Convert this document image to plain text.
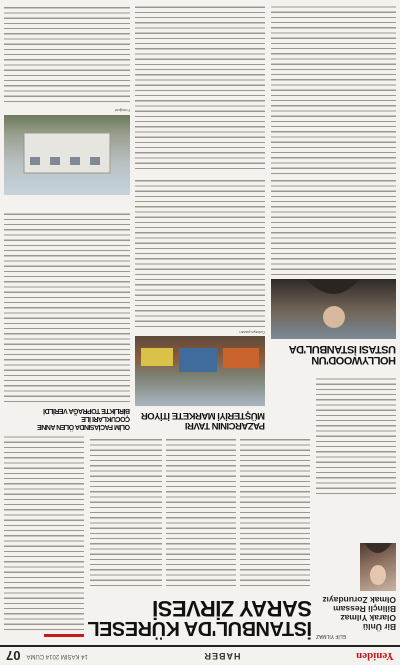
Yeniden
HABER
14 KASIM 2014 CUMA
07
İSTANBUL'DA KÜRESEL
SARAY ZİRVESİ
ELİF YILMAZ
Bir Ünlü
Olarak Yılmaz
Bilinçli Ressam
Olmak Zorundayız
HOLLYWOOD'UN
USTASI İSTANBUL'DA
PAZARCININ TAVRI
MÜŞTERİYİ MARKETE İTİYOR
Özkaya pazarı
OLİM FACİASINDA ÖLEN ANNE ÇOCUKLARI İLE
BİRLİKTE TOPRAĞA VERİLDİ
Fotoğraf
